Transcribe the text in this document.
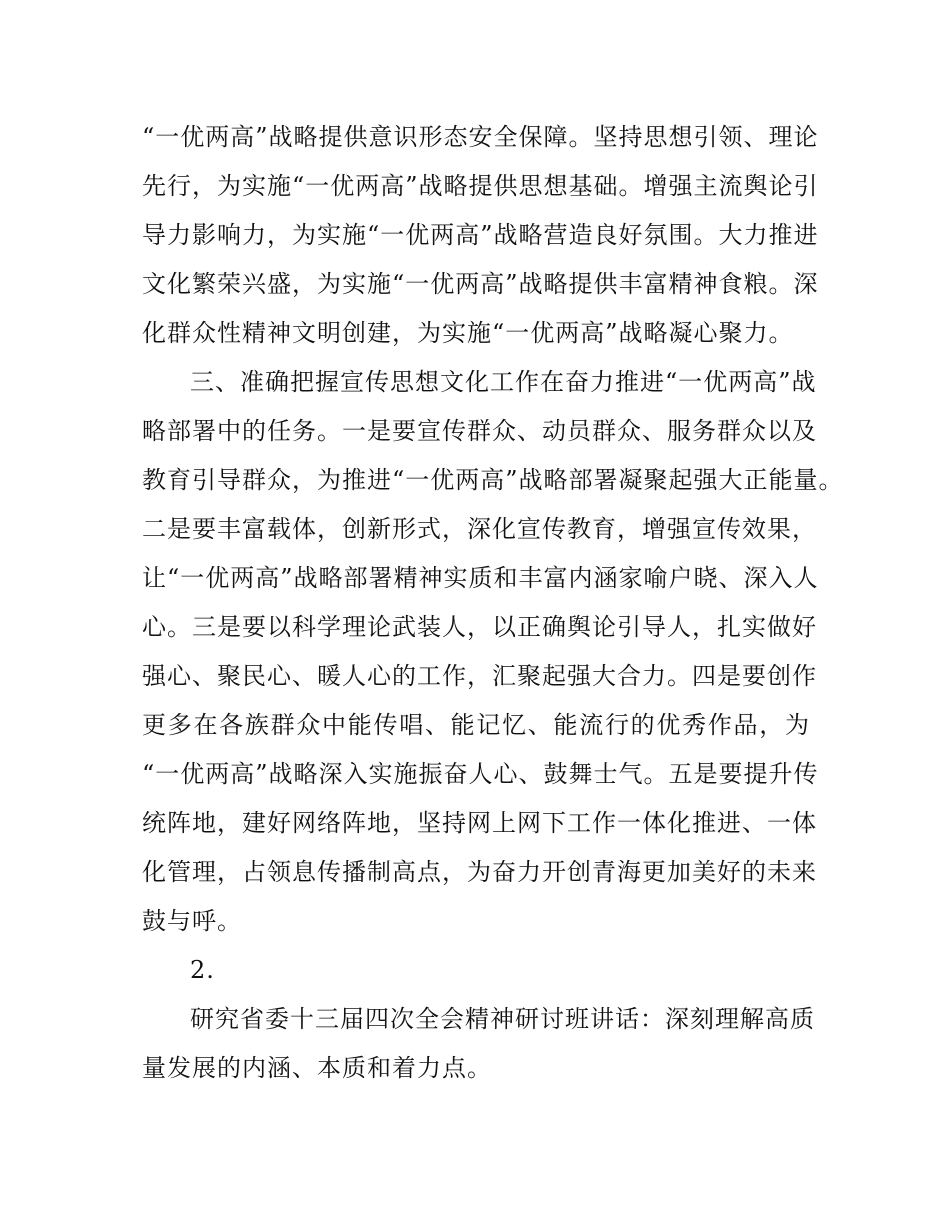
“一优两高”战略提供意识形态安全保障。坚持思想引领、理论
先行，为实施“一优两高”战略提供思想基础。增强主流舆论引
导力影响力，为实施“一优两高”战略营造良好氛围。大力推进
文化繁荣兴盛，为实施“一优两高”战略提供丰富精神食粮。深
化群众性精神文明创建，为实施“一优两高”战略凝心聚力。
三、准确把握宣传思想文化工作在奋力推进“一优两高”战
略部署中的任务。一是要宣传群众、动员群众、服务群众以及
教育引导群众，为推进“一优两高”战略部署凝聚起强大正能量。
二是要丰富载体，创新形式，深化宣传教育，增强宣传效果，
让“一优两高”战略部署精神实质和丰富内涵家喻户晓、深入人
心。三是要以科学理论武装人，以正确舆论引导人，扎实做好
强心、聚民心、暖人心的工作，汇聚起强大合力。四是要创作
更多在各族群众中能传唱、能记忆、能流行的优秀作品，为
“一优两高”战略深入实施振奋人心、鼓舞士气。五是要提升传
统阵地，建好网络阵地，坚持网上网下工作一体化推进、一体
化管理，占领息传播制高点，为奋力开创青海更加美好的未来
鼓与呼。
2.
研究省委十三届四次全会精神研讨班讲话：深刻理解高质
量发展的内涵、本质和着力点。
